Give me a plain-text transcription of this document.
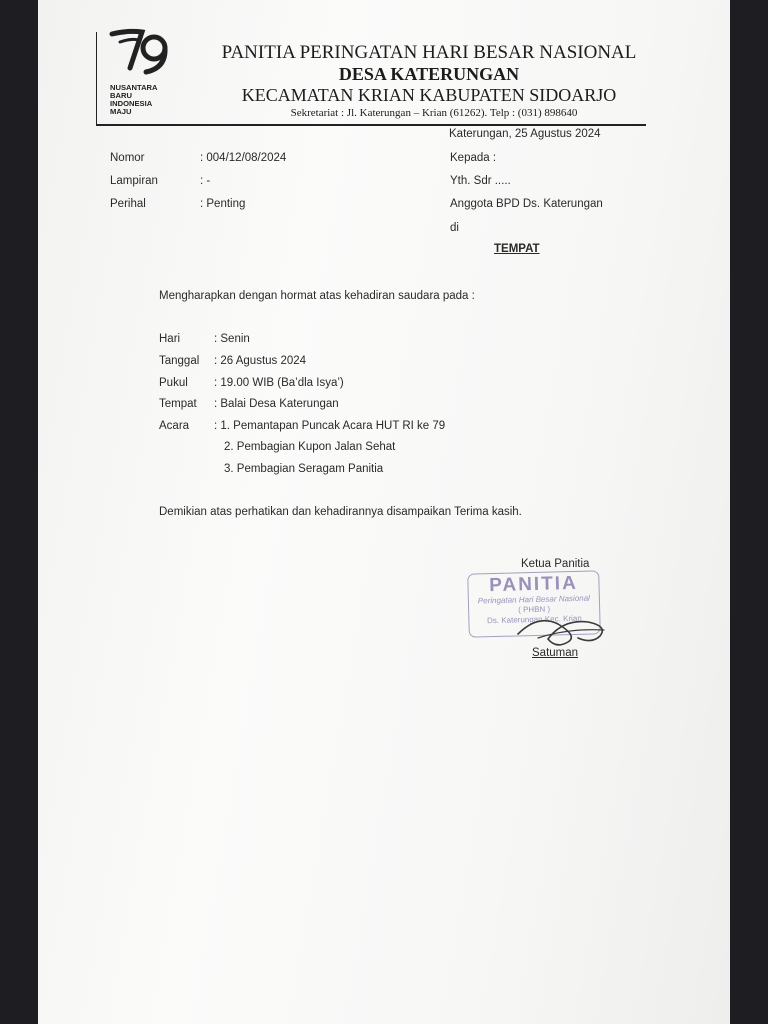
NUSANTARA
BARU
INDONESIA
MAJU
PANITIA PERINGATAN HARI BESAR NASIONAL
DESA KATERUNGAN
KECAMATAN KRIAN KABUPATEN SIDOARJO
Sekretariat : Jl. Katerungan – Krian (61262). Telp : (031) 898640
Katerungan, 25 Agustus 2024
Nomor	: 004/12/08/2024
Lampiran	: -
Perihal	: Penting
Kepada :
Yth. Sdr .....
Anggota BPD Ds. Katerungan
di
TEMPAT
Mengharapkan dengan hormat atas kehadiran saudara pada :
Hari	: Senin
Tanggal : 26 Agustus 2024
Pukul : 19.00 WIB (Ba’dla Isya’)
Tempat : Balai Desa Katerungan
Acara : 1. Pemantapan Puncak Acara HUT RI ke 79
2. Pembagian Kupon Jalan Sehat
3. Pembagian Seragam Panitia
Demikian atas perhatikan dan kehadirannya disampaikan Terima kasih.
Ketua Panitia
PANITIA
Peringatan Hari Besar Nasional
( PHBN )
Ds. Katerungan Kec. Krian
Satuman
